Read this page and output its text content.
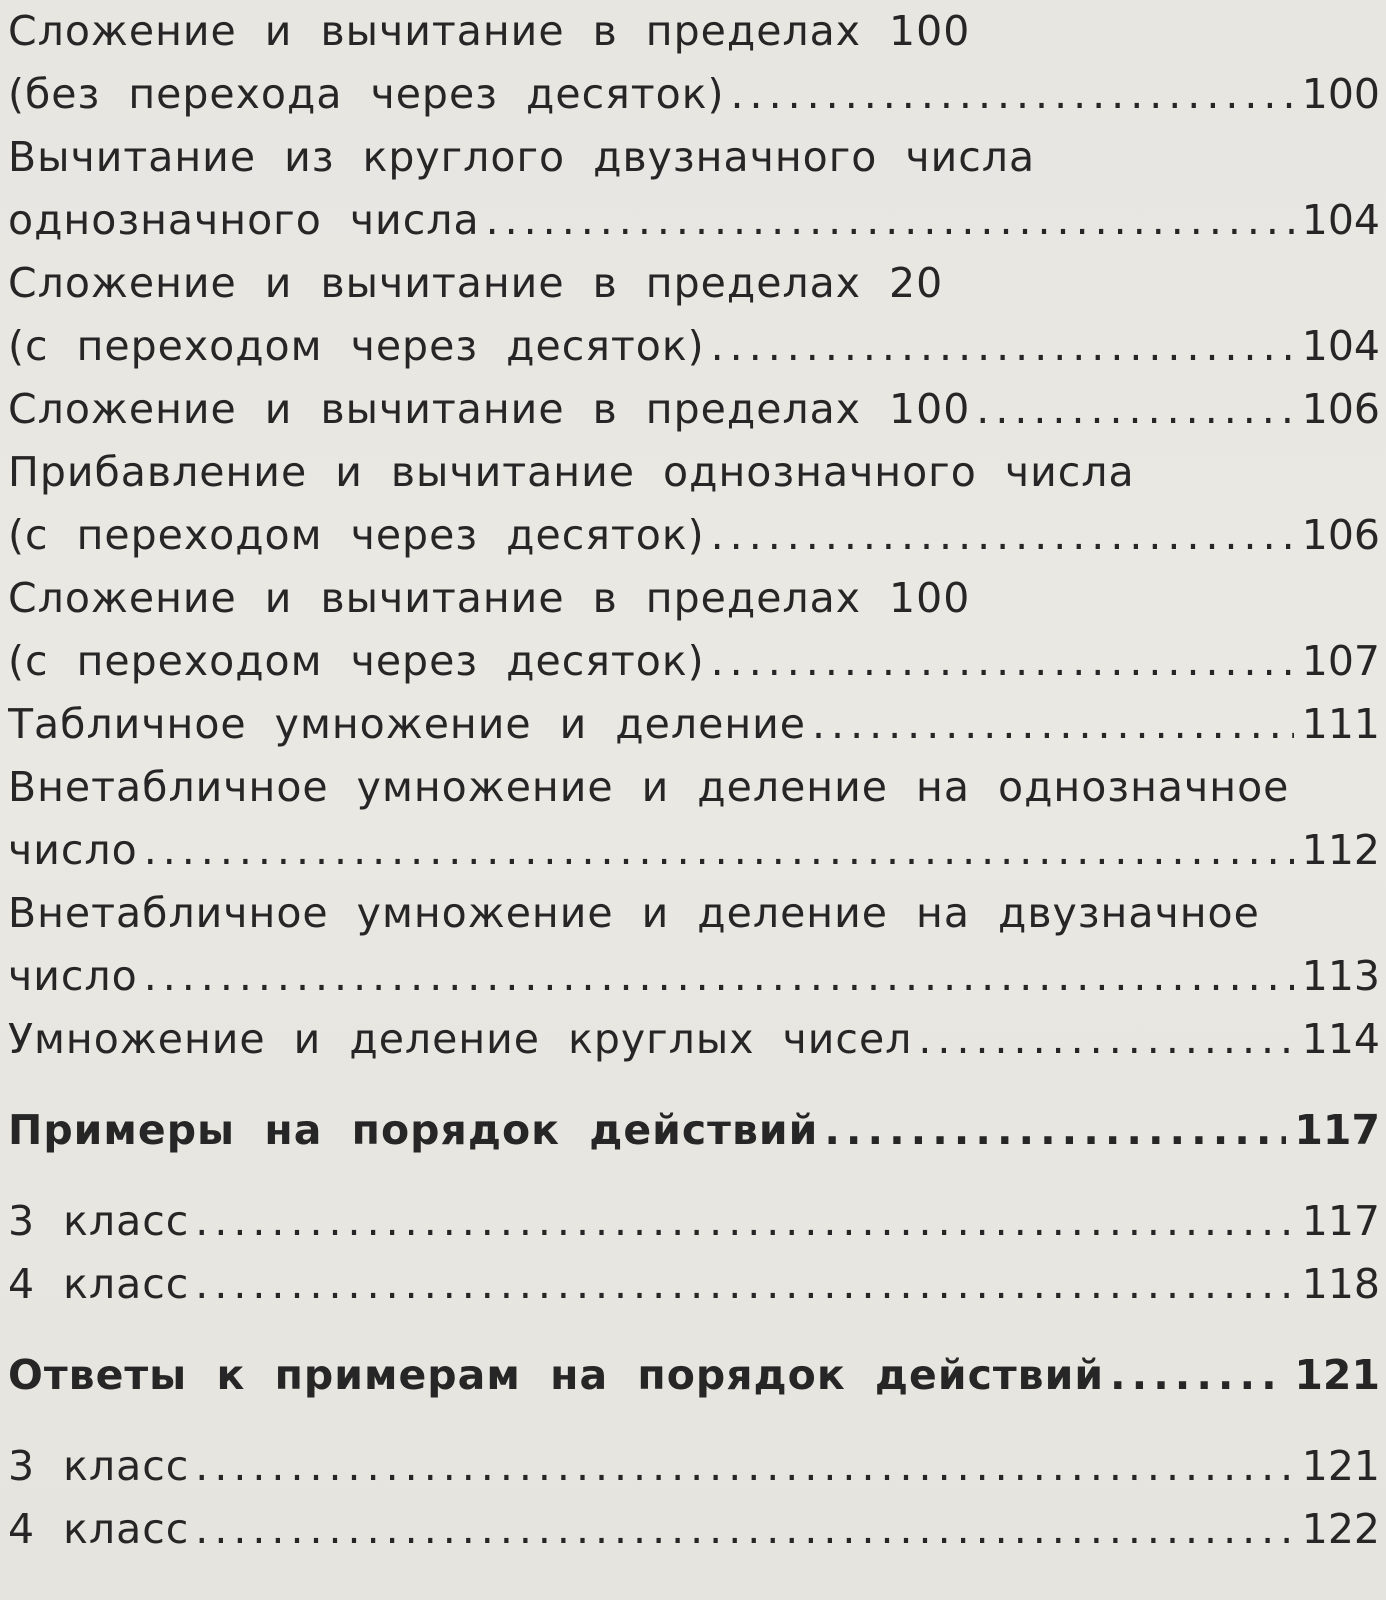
Сложение и вычитание в пределах 100
(без перехода через десяток) .....	100
Вычитание из круглого двузначного числа
однозначного числа .....	104
Сложение и вычитание в пределах 20
(с переходом через десяток) .....	104
Сложение и вычитание в пределах 100 .....	106
Прибавление и вычитание однозначного числа
(с переходом через десяток) .....	106
Сложение и вычитание в пределах 100
(с переходом через десяток) .....	107
Табличное умножение и деление .....	111
Внетабличное умножение и деление на однозначное
число .....	112
Внетабличное умножение и деление на двузначное
число .....	113
Умножение и деление круглых чисел .....	114
Примеры на порядок действий .....	117
3 класс .....	117
4 класс .....	118
Ответы к примерам на порядок действий .....	121
3 класс .....	121
4 класс .....	122
